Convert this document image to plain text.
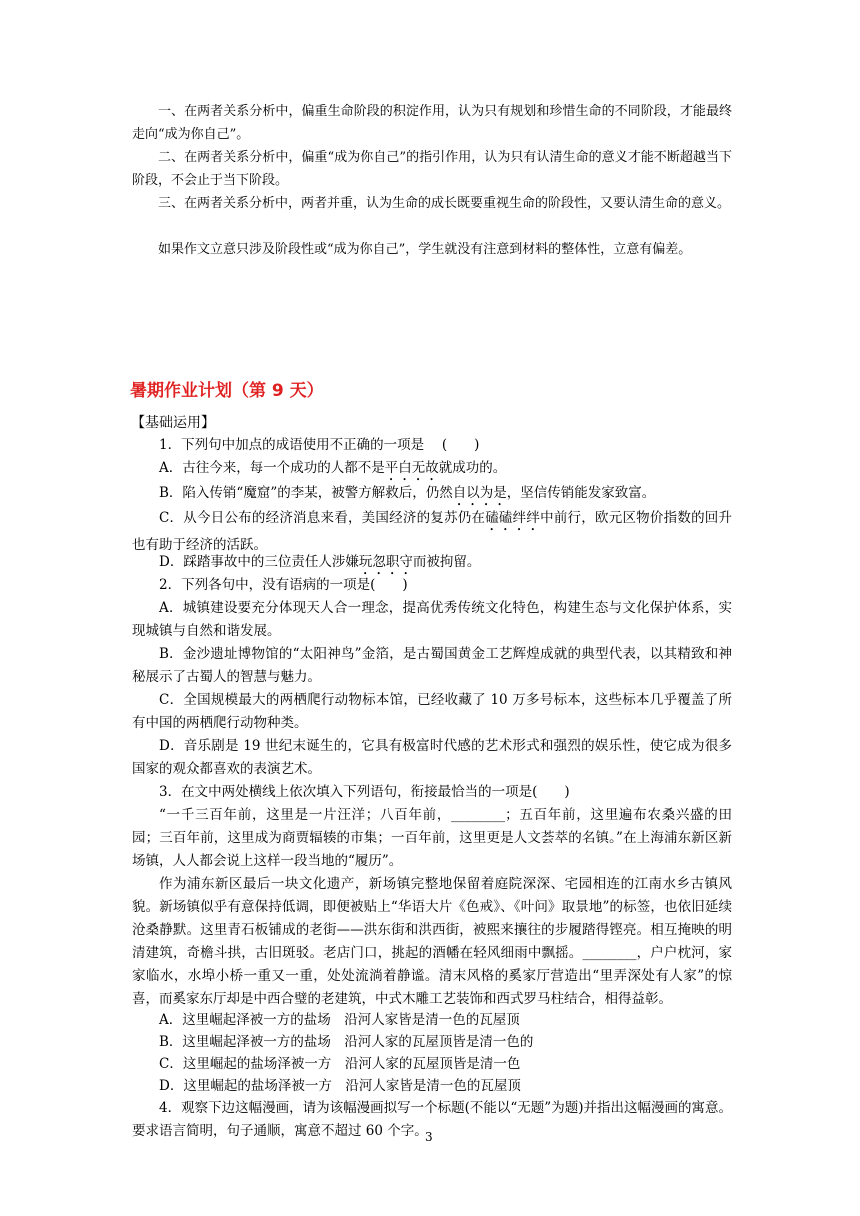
一、在两者关系分析中，偏重生命阶段的积淀作用，认为只有规划和珍惜生命的不同阶段，才能最终走向“成为你自己”。

二、在两者关系分析中，偏重“成为你自己”的指引作用，认为只有认清生命的意义才能不断超越当下阶段，不会止于当下阶段。

三、在两者关系分析中，两者并重，认为生命的成长既要重视生命的阶段性，又要认清生命的意义。

如果作文立意只涉及阶段性或“成为你自己”，学生就没有注意到材料的整体性，立意有偏差。

暑期作业计划（第 9 天）

【基础运用】

1．下列句中加点的成语使用不正确的一项是　 (　　)

A．古往今来，每一个成功的人都不是平白无故就成功的。

B．陷入传销“魔窟”的李某，被警方解救后，仍然自以为是，坚信传销能发家致富。

C．从今日公布的经济消息来看，美国经济的复苏仍在磕磕绊绊中前行，欧元区物价指数的回升也有助于经济的活跃。

D．踩踏事故中的三位责任人涉嫌玩忽职守而被拘留。

2．下列各句中，没有语病的一项是(　　)

A．城镇建设要充分体现天人合一理念，提高优秀传统文化特色，构建生态与文化保护体系，实现城镇与自然和谐发展。

B．金沙遗址博物馆的“太阳神鸟”金箔，是古蜀国黄金工艺辉煌成就的典型代表，以其精致和神秘展示了古蜀人的智慧与魅力。

C．全国规模最大的两栖爬行动物标本馆，已经收藏了 10 万多号标本，这些标本几乎覆盖了所有中国的两栖爬行动物种类。

D．音乐剧是 19 世纪末诞生的，它具有极富时代感的艺术形式和强烈的娱乐性，使它成为很多国家的观众都喜欢的表演艺术。

3．在文中两处横线上依次填入下列语句，衔接最恰当的一项是(　　)

“一千三百年前，这里是一片汪洋；八百年前，________；五百年前，这里遍布农桑兴盛的田园；三百年前，这里成为商贾辐辏的市集；一百年前，这里更是人文荟萃的名镇。”在上海浦东新区新场镇，人人都会说上这样一段当地的“履历”。

作为浦东新区最后一块文化遗产，新场镇完整地保留着庭院深深、宅园相连的江南水乡古镇风貌。新场镇似乎有意保持低调，即便被贴上“华语大片《色戒》、《叶问》取景地”的标签，也依旧延续沧桑静默。这里青石板铺成的老街——洪东街和洪西街，被熙来攘往的步履踏得铿亮。相互掩映的明清建筑，奇檐斗拱，古旧斑驳。老店门口，挑起的酒幡在轻风细雨中飘摇。________，户户枕河，家家临水，水埠小桥一重又一重，处处流淌着静谧。清末风格的奚家厅营造出“里弄深处有人家”的惊喜，而奚家东厅却是中西合璧的老建筑，中式木雕工艺装饰和西式罗马柱结合，相得益彰。

A．这里崛起泽被一方的盐场　沿河人家皆是清一色的瓦屋顶

B．这里崛起泽被一方的盐场　沿河人家的瓦屋顶皆是清一色的

C．这里崛起的盐场泽被一方　沿河人家的瓦屋顶皆是清一色

D．这里崛起的盐场泽被一方　沿河人家皆是清一色的瓦屋顶

4．观察下边这幅漫画，请为该幅漫画拟写一个标题(不能以“无题”为题)并指出这幅漫画的寓意。要求语言简明，句子通顺，寓意不超过 60 个字。

3
